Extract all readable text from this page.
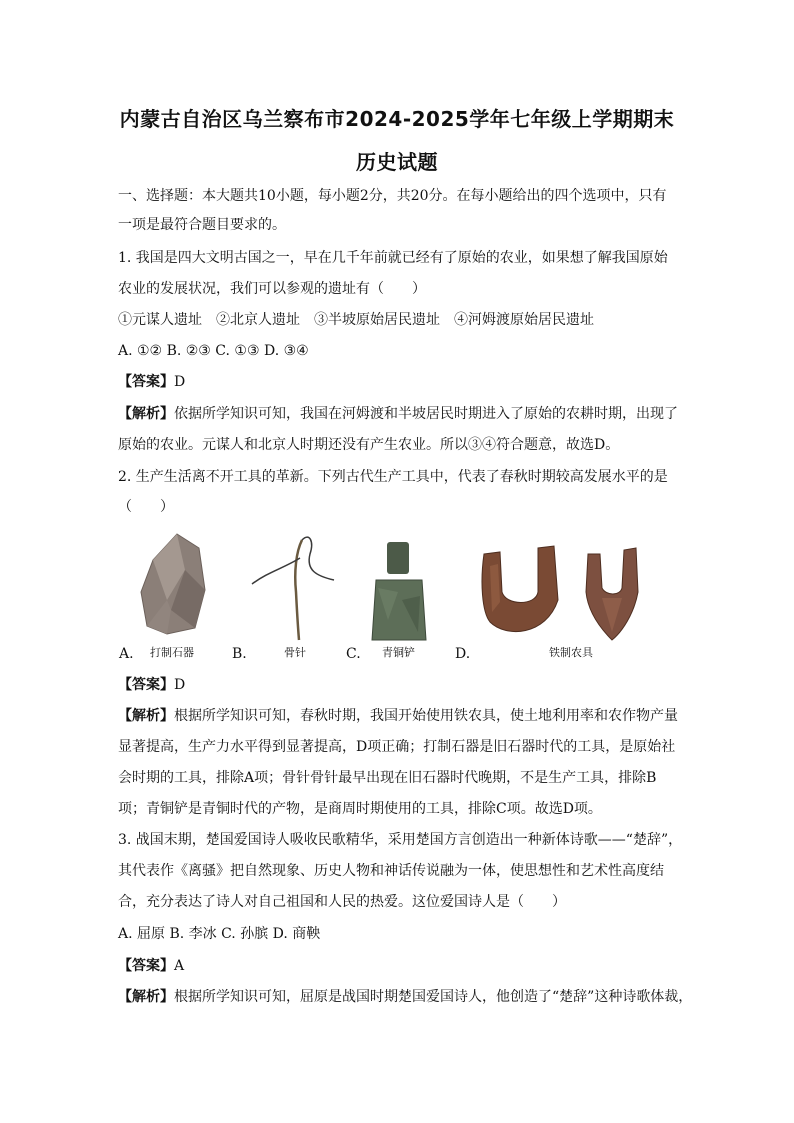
内蒙古自治区乌兰察布市2024-2025学年七年级上学期期末
历史试题
一、选择题：本大题共10小题，每小题2分，共20分。在每小题给出的四个选项中，只有
一项是最符合题目要求的。
1. 我国是四大文明古国之一，早在几千年前就已经有了原始的农业，如果想了解我国原始
农业的发展状况，我们可以参观的遗址有（　　）
①元谋人遗址　②北京人遗址　③半坡原始居民遗址　④河姆渡原始居民遗址
A. ①② B. ②③ C. ①③ D. ③④
【答案】D
【解析】依据所学知识可知，我国在河姆渡和半坡居民时期进入了原始的农耕时期，出现了
原始的农业。元谋人和北京人时期还没有产生农业。所以③④符合题意，故选D。
2. 生产生活离不开工具的革新。下列古代生产工具中，代表了春秋时期较高发展水平的是
（　　）
A. 打制石器	B.	骨针	C. 青铜铲	D.	铁制农具
【答案】D
【解析】根据所学知识可知，春秋时期，我国开始使用铁农具，使土地利用率和农作物产量
显著提高，生产力水平得到显著提高，D项正确；打制石器是旧石器时代的工具，是原始社
会时期的工具，排除A项；骨针骨针最早出现在旧石器时代晚期，不是生产工具，排除B
项；青铜铲是青铜时代的产物，是商周时期使用的工具，排除C项。故选D项。
3. 战国末期，楚国爱国诗人吸收民歌精华，采用楚国方言创造出一种新体诗歌——“楚辞”，
其代表作《离骚》把自然现象、历史人物和神话传说融为一体，使思想性和艺术性高度结
合，充分表达了诗人对自己祖国和人民的热爱。这位爱国诗人是（　　）
A. 屈原 B. 李冰 C. 孙膑 D. 商鞅
【答案】A
【解析】根据所学知识可知，屈原是战国时期楚国爱国诗人，他创造了“楚辞”这种诗歌体裁，
